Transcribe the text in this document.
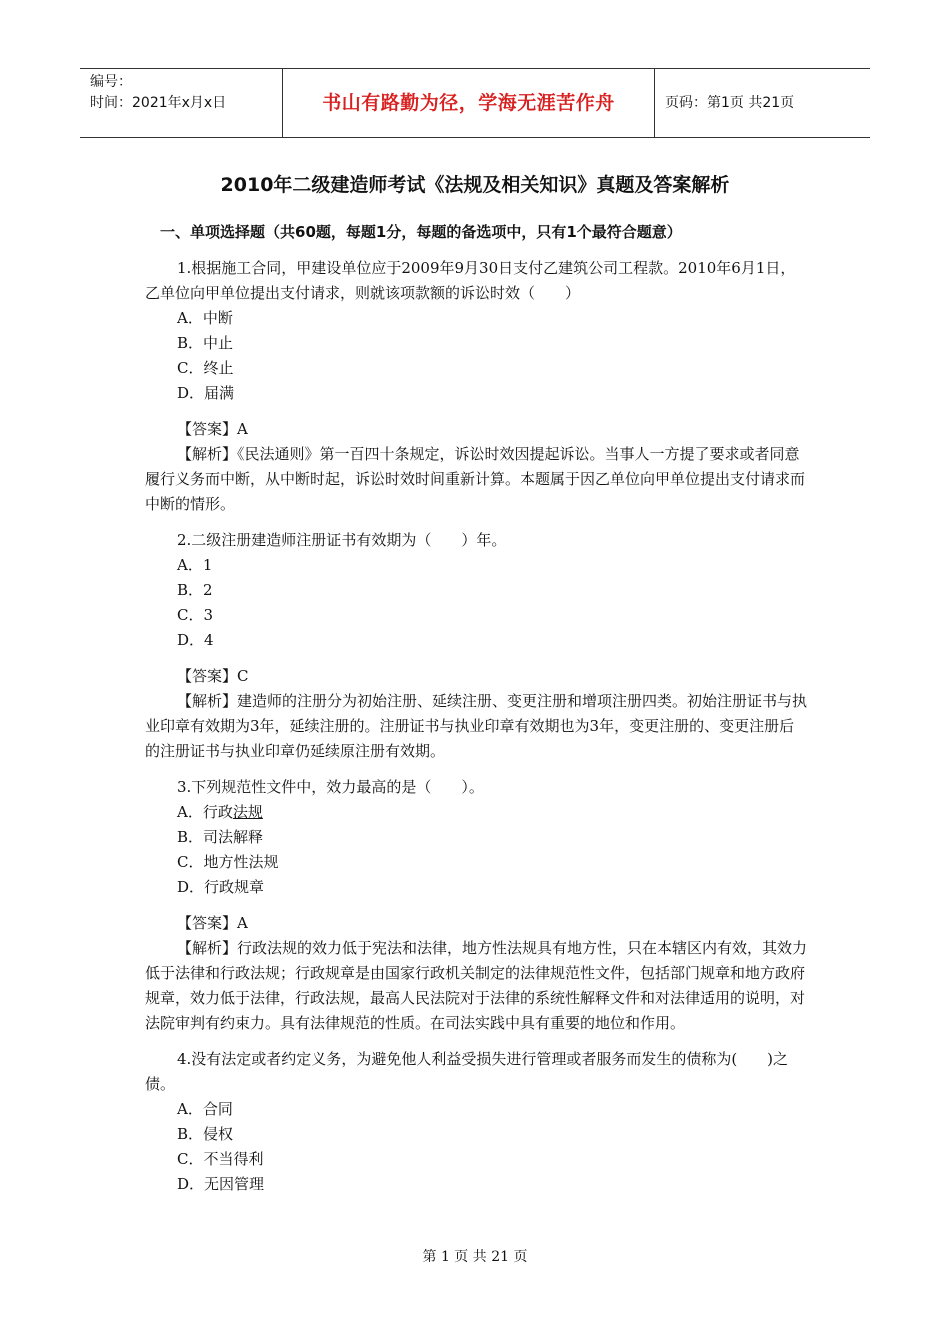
编号：
时间：2021年x月x日	书山有路勤为径，学海无涯苦作舟	页码：第1页 共21页
2010年二级建造师考试《法规及相关知识》真题及答案解析
一、单项选择题（共60题，每题1分，每题的备选项中，只有1个最符合题意）

1.根据施工合同，甲建设单位应于2009年9月30日支付乙建筑公司工程款。2010年6月1日，乙单位向甲单位提出支付请求，则就该项款额的诉讼时效（　　）

A．中断

B．中止

C．终止

D．届满

【答案】A

【解析】《民法通则》第一百四十条规定，诉讼时效因提起诉讼。当事人一方提了要求或者同意履行义务而中断，从中断时起，诉讼时效时间重新计算。本题属于因乙单位向甲单位提出支付请求而中断的情形。

2.二级注册建造师注册证书有效期为（　　）年。

A．1

B．2

C．3

D．4

【答案】C

【解析】建造师的注册分为初始注册、延续注册、变更注册和增项注册四类。初始注册证书与执业印章有效期为3年，延续注册的。注册证书与执业印章有效期也为3年，变更注册的、变更注册后的注册证书与执业印章仍延续原注册有效期。

3.下列规范性文件中，效力最高的是（　　）。

A．行政法规

B．司法解释

C．地方性法规

D．行政规章

【答案】A

【解析】行政法规的效力低于宪法和法律，地方性法规具有地方性，只在本辖区内有效，其效力低于法律和行政法规；行政规章是由国家行政机关制定的法律规范性文件，包括部门规章和地方政府规章，效力低于法律，行政法规，最高人民法院对于法律的系统性解释文件和对法律适用的说明，对法院审判有约束力。具有法律规范的性质。在司法实践中具有重要的地位和作用。

4.没有法定或者约定义务，为避免他人利益受损失进行管理或者服务而发生的债称为(　　)之债。

A．合同

B．侵权

C．不当得利

D．无因管理

第 1 页 共 21 页
